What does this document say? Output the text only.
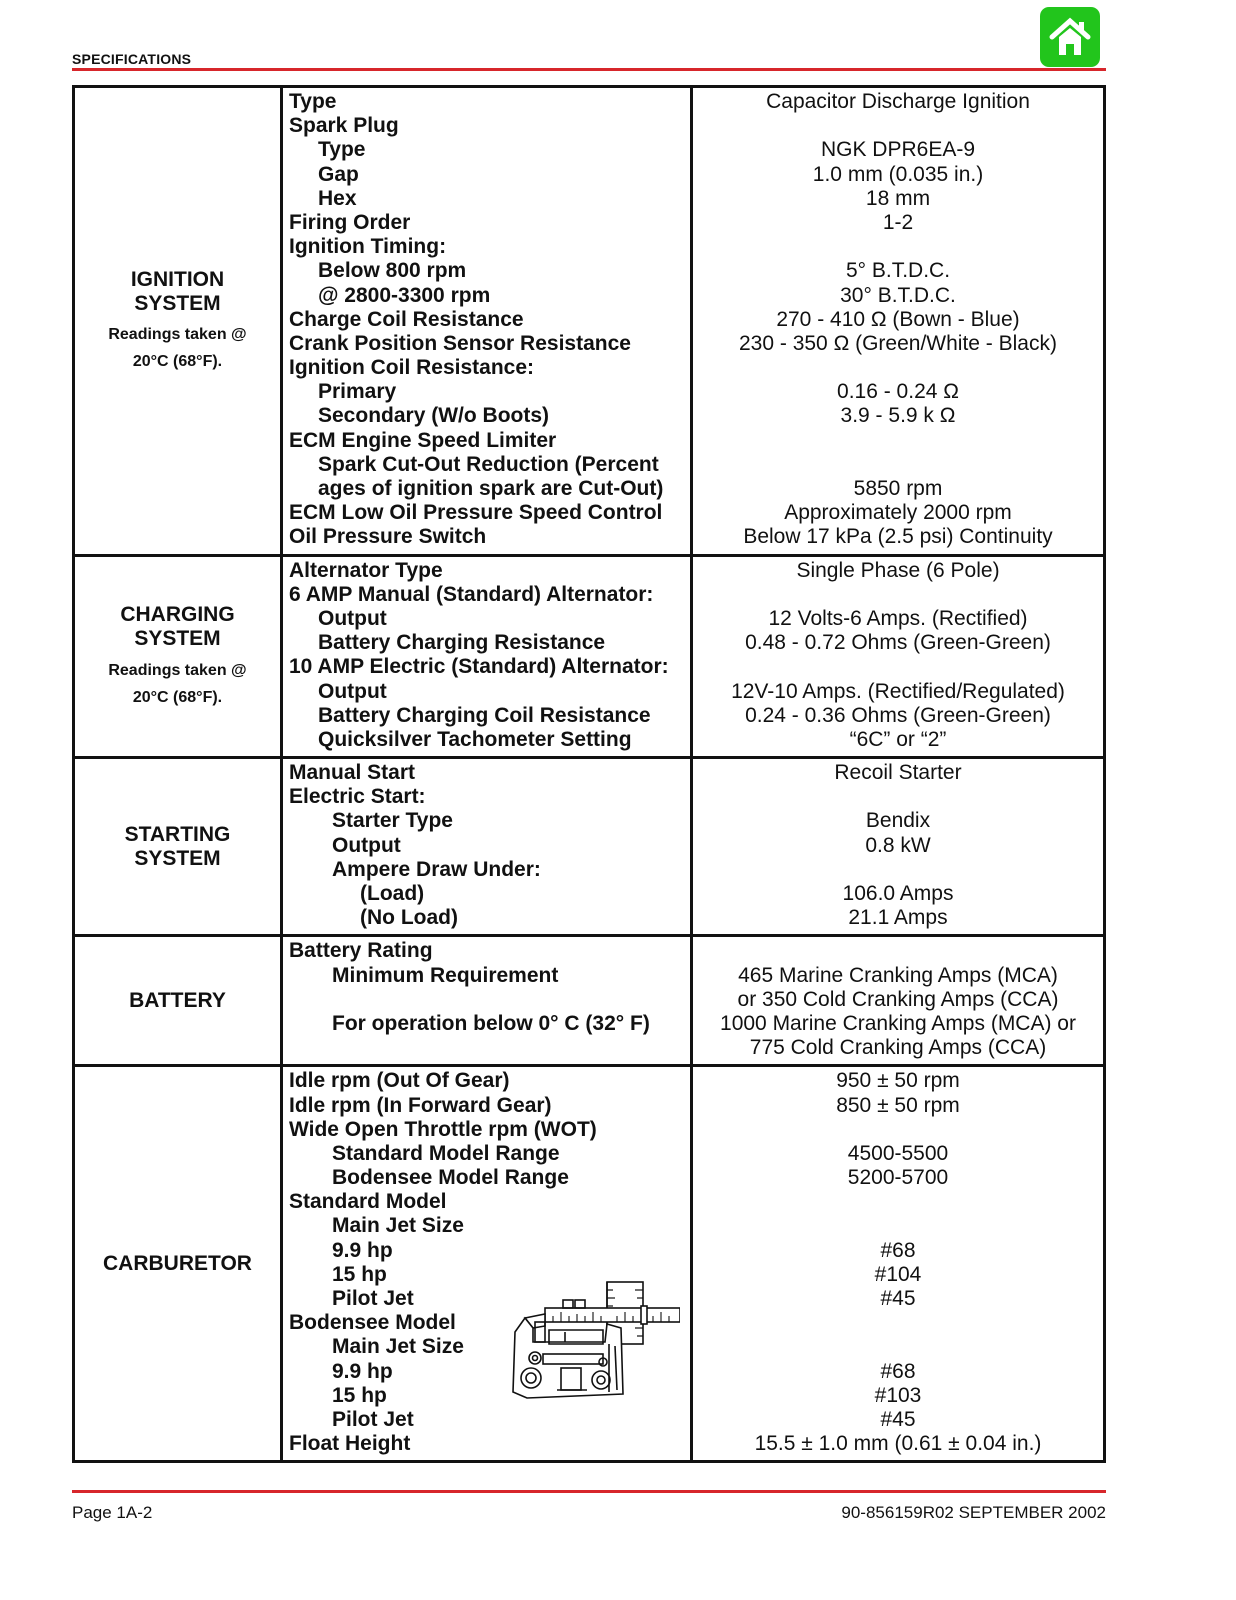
SPECIFICATIONS
IGNITION
SYSTEM
Readings taken @
20°C (68°F).
Type
Spark Plug
Type
Gap
Hex
Firing Order
Ignition Timing:
Below 800 rpm
@ 2800-3300 rpm
Charge Coil Resistance
Crank Position Sensor Resistance
Ignition Coil Resistance:
Primary
Secondary (W/o Boots)
ECM Engine Speed Limiter
Spark Cut-Out Reduction (Percent
ages of ignition spark are Cut-Out)
ECM Low Oil Pressure Speed Control
Oil Pressure Switch
Capacitor Discharge Ignition
NGK DPR6EA-9
1.0 mm (0.035 in.)
18 mm
1-2
5° B.T.D.C.
30° B.T.D.C.
270 - 410 Ω (Bown - Blue)
230 - 350 Ω (Green/White - Black)
0.16 - 0.24 Ω
3.9 - 5.9 k Ω
5850 rpm
Approximately 2000 rpm
Below 17 kPa (2.5 psi) Continuity
CHARGING
SYSTEM
Readings taken @
20°C (68°F).
Alternator Type
6 AMP Manual (Standard) Alternator:
Output
Battery Charging Resistance
10 AMP Electric (Standard) Alternator:
Output
Battery Charging Coil Resistance
Quicksilver Tachometer Setting
Single Phase (6 Pole)
12 Volts-6 Amps. (Rectified)
0.48 - 0.72 Ohms (Green-Green)
12V-10 Amps. (Rectified/Regulated)
0.24 - 0.36 Ohms (Green-Green)
“6C” or “2”
STARTING
SYSTEM
Manual Start
Electric Start:
Starter Type
Output
Ampere Draw Under:
(Load)
(No Load)
Recoil Starter
Bendix
0.8 kW
106.0 Amps
21.1 Amps
BATTERY
Battery Rating
Minimum Requirement
For operation below 0° C (32° F)
465 Marine Cranking Amps (MCA)
or 350 Cold Cranking Amps (CCA)
1000 Marine Cranking Amps (MCA) or
775 Cold Cranking Amps (CCA)
CARBURETOR
Idle rpm (Out Of Gear)
Idle rpm (In Forward Gear)
Wide Open Throttle rpm (WOT)
Standard Model Range
Bodensee Model Range
Standard Model
Main Jet Size
9.9 hp
15 hp
Pilot Jet
Bodensee Model
Main Jet Size
9.9 hp
15 hp
Pilot Jet
Float Height
950 ± 50 rpm
850 ± 50 rpm
4500-5500
5200-5700
#68
#104
#45
#68
#103
#45
15.5 ± 1.0 mm (0.61 ± 0.04 in.)
Page 1A-2	90-856159R02 SEPTEMBER 2002
